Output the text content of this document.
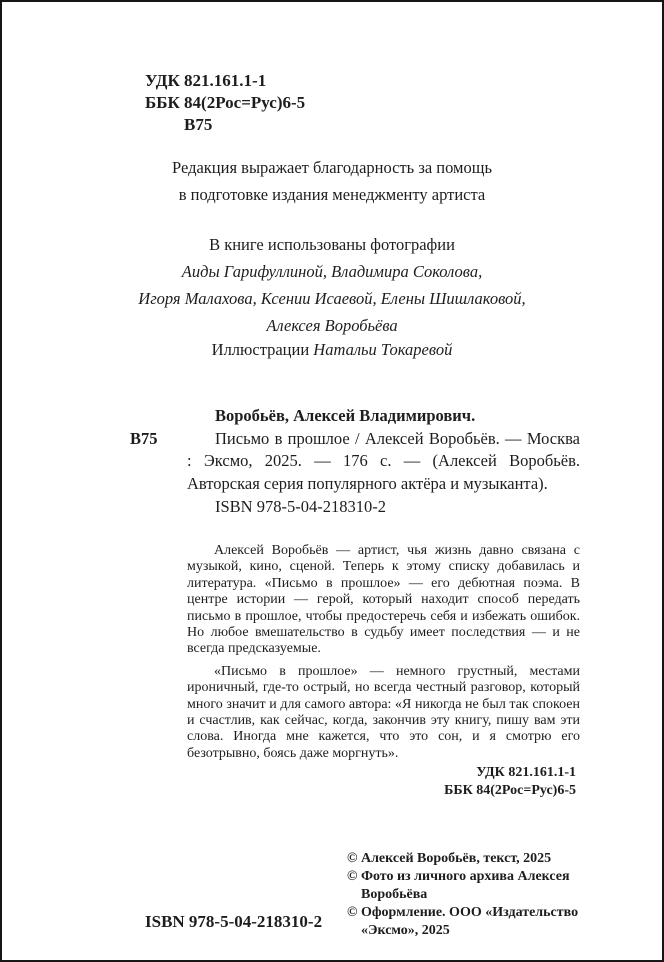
УДК 821.161.1-1
ББК 84(2Рос=Рус)6-5
В75
Редакция выражает благодарность за помощь
в подготовке издания менеджменту артиста
В книге использованы фотографии
Аиды Гарифуллиной, Владимира Соколова,
Игоря Малахова, Ксении Исаевой, Елены Шишлаковой,
Алексея Воробьёва
Иллюстрации Натальи Токаревой
В75

Воробьёв, Алексей Владимирович.

Письмо в прошлое / Алексей Воробьёв. — Москва : Эксмо, 2025. — 176 с. — (Алексей Воробьёв. Авторская серия популярного актёра и музыканта).

ISBN 978-5-04-218310-2

Алексей Воробьёв — артист, чья жизнь давно связана с музыкой, кино, сценой. Теперь к этому списку добавилась и литература. «Письмо в прошлое» — его дебютная поэма. В центре истории — герой, который находит способ передать письмо в прошлое, чтобы предостеречь себя и избежать ошибок. Но любое вмешательство в судьбу имеет последствия — и не всегда предсказуемые.

«Письмо в прошлое» — немного грустный, местами ироничный, где-то острый, но всегда честный разговор, который много значит и для самого автора: «Я никогда не был так спокоен и счастлив, как сейчас, когда, закончив эту книгу, пишу вам эти слова. Иногда мне кажется, что это сон, и я смотрю его безотрывно, боясь даже моргнуть».

УДК 821.161.1-1
ББК 84(2Рос=Рус)6-5
© Алексей Воробьёв, текст, 2025
© Фото из личного архива Алексея Воробьёва
© Оформление. ООО «Издательство «Эксмо», 2025
ISBN 978-5-04-218310-2
